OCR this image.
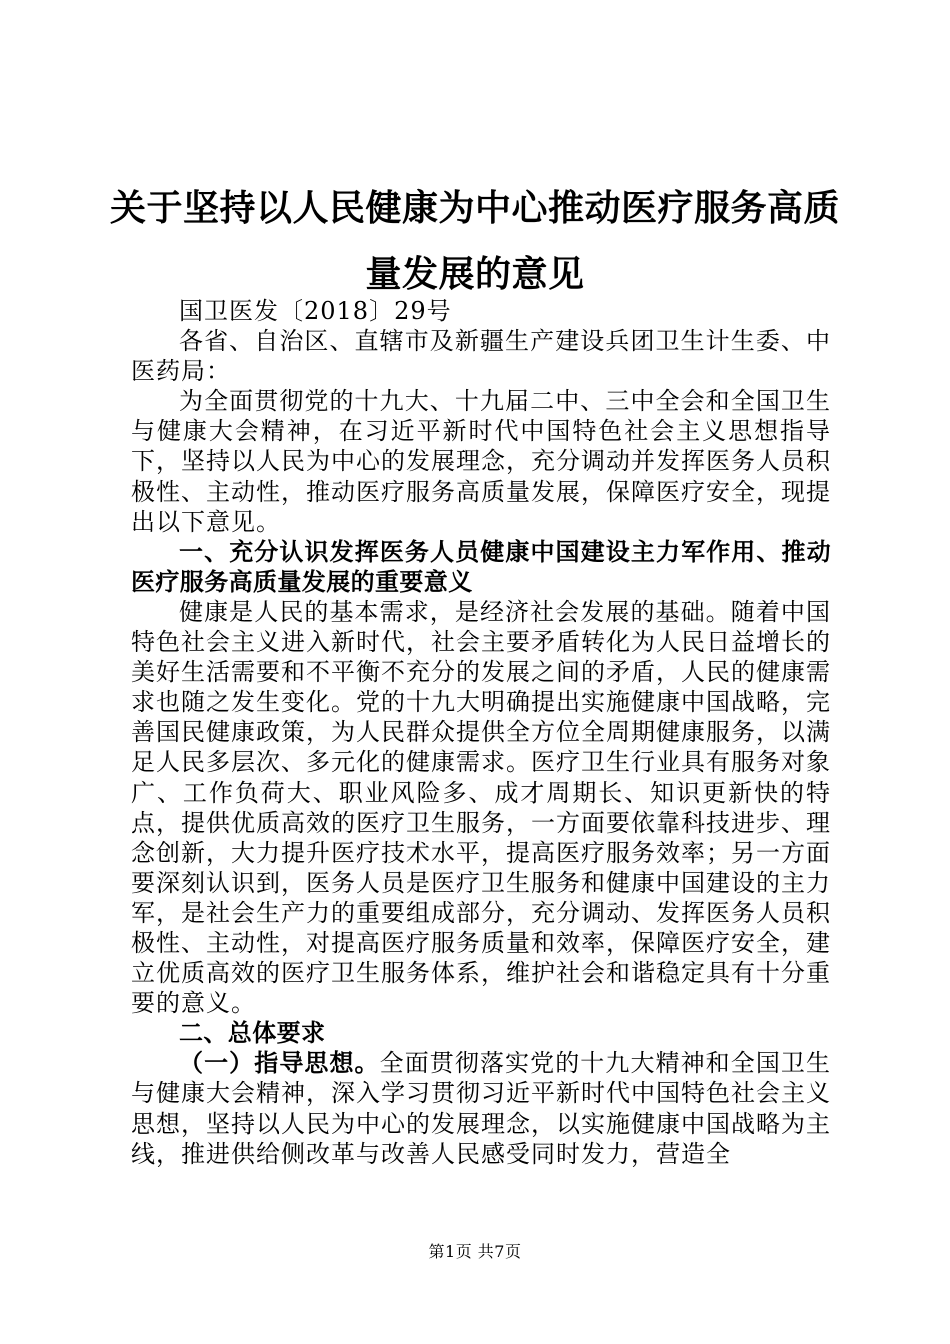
关于坚持以人民健康为中心推动医疗服务高质量发展的意见

国卫医发〔2018〕29号

各省、自治区、直辖市及新疆生产建设兵团卫生计生委、中医药局：

为全面贯彻党的十九大、十九届二中、三中全会和全国卫生与健康大会精神，在习近平新时代中国特色社会主义思想指导下，坚持以人民为中心的发展理念，充分调动并发挥医务人员积极性、主动性，推动医疗服务高质量发展，保障医疗安全，现提出以下意见。

一、充分认识发挥医务人员健康中国建设主力军作用、推动医疗服务高质量发展的重要意义

健康是人民的基本需求，是经济社会发展的基础。随着中国特色社会主义进入新时代，社会主要矛盾转化为人民日益增长的美好生活需要和不平衡不充分的发展之间的矛盾，人民的健康需求也随之发生变化。党的十九大明确提出实施健康中国战略，完善国民健康政策，为人民群众提供全方位全周期健康服务，以满足人民多层次、多元化的健康需求。医疗卫生行业具有服务对象广、工作负荷大、职业风险多、成才周期长、知识更新快的特点，提供优质高效的医疗卫生服务，一方面要依靠科技进步、理念创新，大力提升医疗技术水平，提高医疗服务效率；另一方面要深刻认识到，医务人员是医疗卫生服务和健康中国建设的主力军，是社会生产力的重要组成部分，充分调动、发挥医务人员积极性、主动性，对提高医疗服务质量和效率，保障医疗安全，建立优质高效的医疗卫生服务体系，维护社会和谐稳定具有十分重要的意义。

二、总体要求

（一）指导思想。全面贯彻落实党的十九大精神和全国卫生与健康大会精神，深入学习贯彻习近平新时代中国特色社会主义思想，坚持以人民为中心的发展理念，以实施健康中国战略为主线，推进供给侧改革与改善人民感受同时发力，营造全

第1页 共7页
